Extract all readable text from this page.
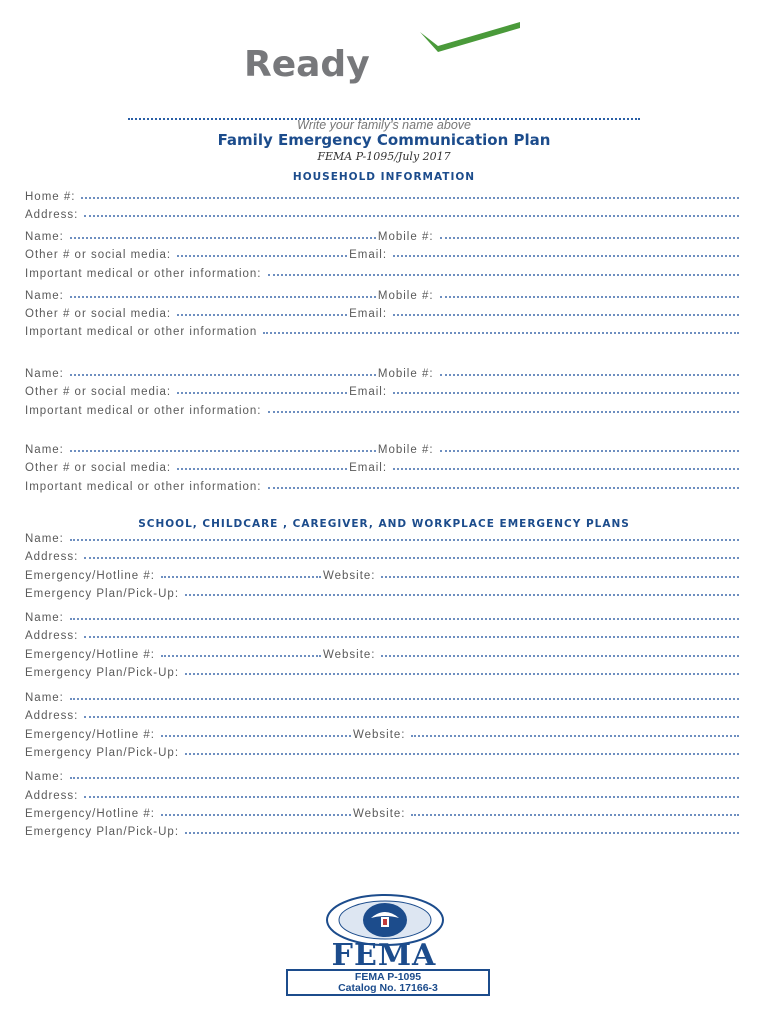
Ready
Write your family's name above
Family Emergency Communication Plan
FEMA P-1095/July 2017
HOUSEHOLD INFORMATION
Home #:
Address:
Name:	Mobile #:
Other # or social media:	Email:
Important medical or other information:
Name:	Mobile #:
Other # or social media:	Email:
Important medical or other information
Name:	Mobile #:
Other # or social media:	Email:
Important medical or other information:
Name:	Mobile #:
Other # or social media:	Email:
Important medical or other information:
SCHOOL, CHILDCARE , CAREGIVER, AND WORKPLACE EMERGENCY PLANS
Name:
Address:
Emergency/Hotline #:	Website:
Emergency Plan/Pick-Up:
Name:
Address:
Emergency/Hotline #:	Website:
Emergency Plan/Pick-Up:
Name:
Address:
Emergency/Hotline #:	Website:
Emergency Plan/Pick-Up:
Name:
Address:
Emergency/Hotline #:	Website:
Emergency Plan/Pick-Up:
FEMA
FEMA P-1095
Catalog No. 17166-3
